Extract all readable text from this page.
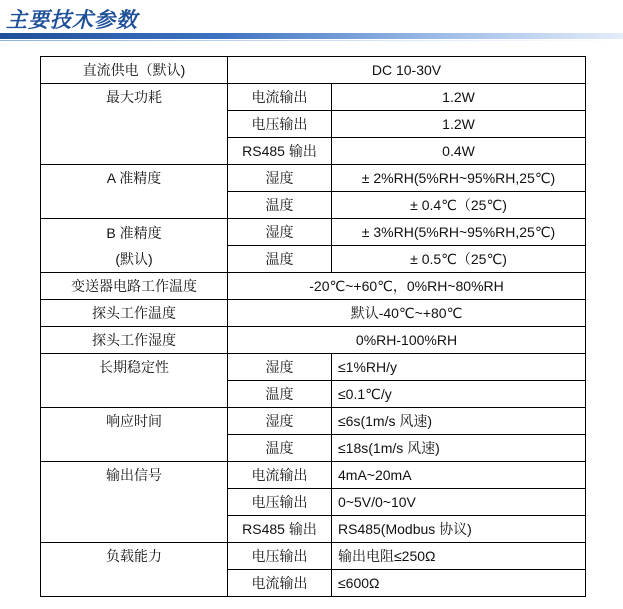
主要技术参数
直流供电（默认)	DC 10-30V	
最大功耗	电流输出	1.2W
	电压输出	1.2W
	RS485 输出	0.4W
A 准精度	湿度	± 2%RH(5%RH~95%RH,25℃)
	温度	± 0.4℃（25℃)

B 准精度
(默认)	湿度	± 3%RH(5%RH~95%RH,25℃)
	温度	± 0.5℃（25℃)
变送器电路工作温度	-20℃~+60℃，0%RH~80%RH	
探头工作温度	默认-40℃~+80℃	
探头工作湿度	0%RH-100%RH	
长期稳定性	湿度	≤1%RH/y
	温度	≤0.1℃/y
响应时间	湿度	≤6s(1m/s 风速)
	温度	≤18s(1m/s 风速)
输出信号	电流输出	4mA~20mA
	电压输出	0~5V/0~10V
	RS485 输出	RS485(Modbus 协议)
负载能力	电压输出	输出电阻≤250Ω
	电流输出	≤600Ω
